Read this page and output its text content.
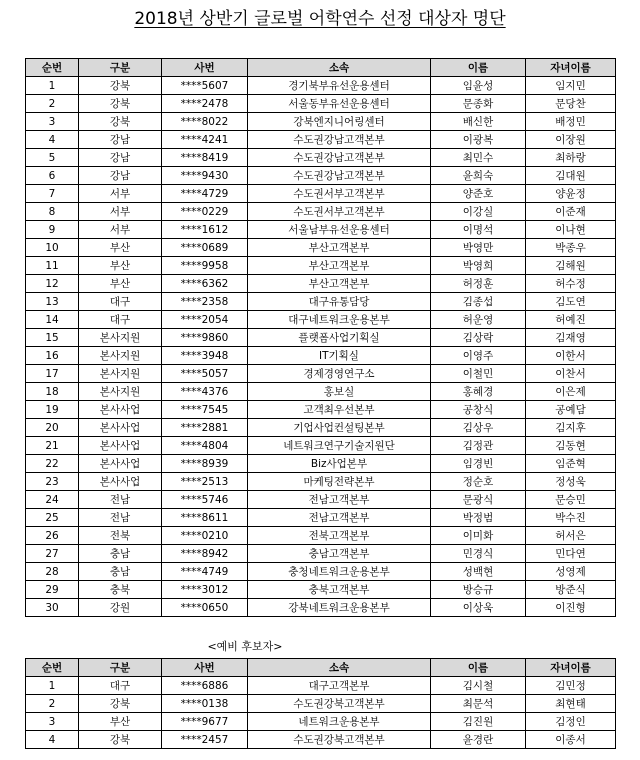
2018년 상반기 글로벌 어학연수 선정 대상자 명단
순번	구분	사번	소속	이름	자녀이름
1	강북	****5607	경기북부유선운용센터	임윤성	임지민
2	강북	****2478	서울동부유선운용센터	문종화	문당찬
3	강북	****8022	강북엔지니어링센터	배신한	배정민
4	강남	****4241	수도권강남고객본부	이광복	이장원
5	강남	****8419	수도권강남고객본부	최민수	최하랑
6	강남	****9430	수도권강남고객본부	윤희숙	김대원
7	서부	****4729	수도권서부고객본부	양준호	양윤정
8	서부	****0229	수도권서부고객본부	이강실	이준재
9	서부	****1612	서울남부유선운용센터	이명석	이나현
10	부산	****0689	부산고객본부	박영만	박종우
11	부산	****9958	부산고객본부	박영희	김해원
12	부산	****6362	부산고객본부	허정훈	허수정
13	대구	****2358	대구유통담당	김종섭	김도연
14	대구	****2054	대구네트워크운용본부	허운영	허예진
15	본사지원	****9860	플랫폼사업기획실	김상락	김재영
16	본사지원	****3948	IT기획실	이영주	이한서
17	본사지원	****5057	경제경영연구소	이철민	이찬서
18	본사지원	****4376	홍보실	홍혜경	이은제
19	본사사업	****7545	고객최우선본부	공창식	공예담
20	본사사업	****2881	기업사업컨설팅본부	김상우	김지후
21	본사사업	****4804	네트워크연구기술지원단	김정관	김동현
22	본사사업	****8939	Biz사업본부	임경빈	임준혁
23	본사사업	****2513	마케팅전략본부	정순호	정성욱
24	전남	****5746	전남고객본부	문광식	문승민
25	전남	****8611	전남고객본부	박정범	박수진
26	전북	****0210	전북고객본부	이미화	허서은
27	충남	****8942	충남고객본부	민경식	민다연
28	충남	****4749	충청네트워크운용본부	성백현	성영제
29	충북	****3012	충북고객본부	방승규	방준식
30	강원	****0650	강북네트워크운용본부	이상욱	이진형
<예비 후보자>
순번	구분	사번	소속	이름	자녀이름
1	대구	****6886	대구고객본부	김시철	김민정
2	강북	****0138	수도권강북고객본부	최문석	최현태
3	부산	****9677	네트워크운용본부	김진원	김정인
4	강북	****2457	수도권강북고객본부	윤경란	이종서
